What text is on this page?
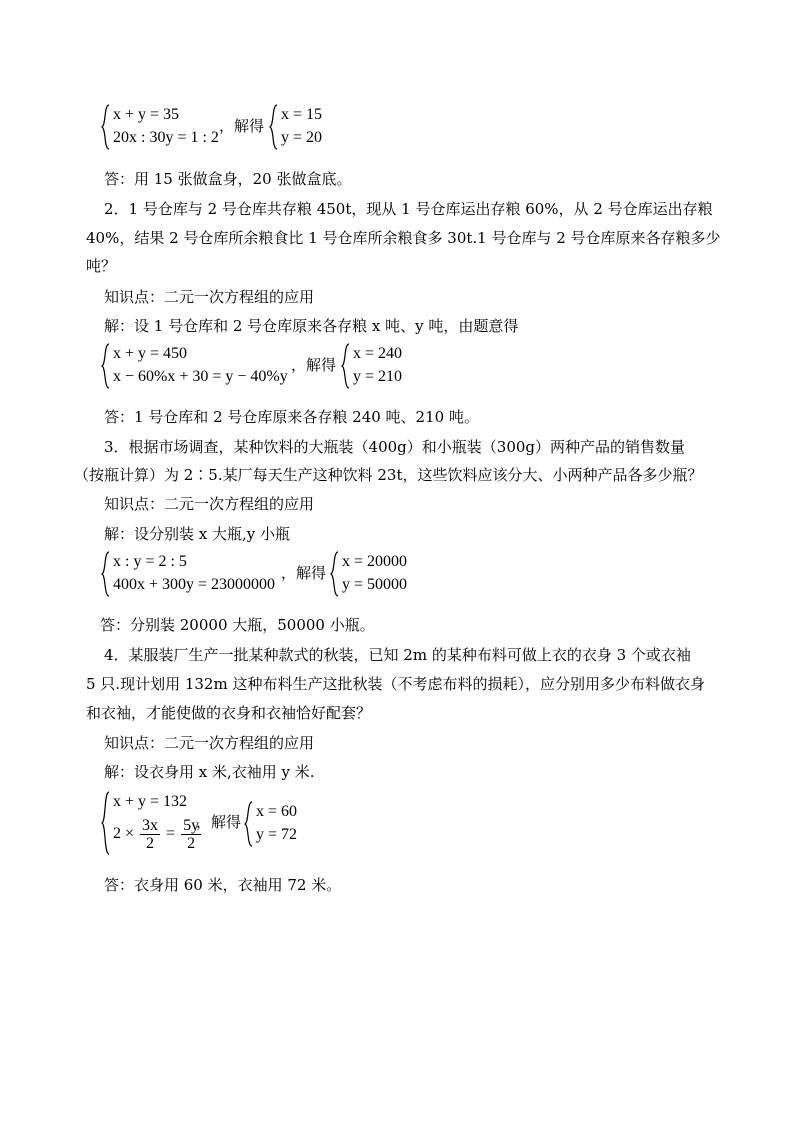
x + y = 35
20x : 30y = 1 : 2
，解得
x = 15
y = 20
答：用 15 张做盒身，20 张做盒底。
2．1 号仓库与 2 号仓库共存粮 450t，现从 1 号仓库运出存粮 60%，从 2 号仓库运出存粮
40%，结果 2 号仓库所余粮食比 1 号仓库所余粮食多 30t.1 号仓库与 2 号仓库原来各存粮多少
吨？
知识点：二元一次方程组的应用
解：设 1 号仓库和 2 号仓库原来各存粮 x 吨、y 吨，由题意得
x + y = 450
x − 60%x + 30 = y − 40%y
，解得
x = 240
y = 210
答：1 号仓库和 2 号仓库原来各存粮 240 吨、210 吨。
3．根据市场调查，某种饮料的大瓶装（400g）和小瓶装（300g）两种产品的销售数量
（按瓶计算）为 2∶5.某厂每天生产这种饮料 23t，这些饮料应该分大、小两种产品各多少瓶？
知识点：二元一次方程组的应用
解：设分别装 x 大瓶,y 小瓶
x : y = 2 : 5
400x + 300y = 23000000
，解得
x = 20000
y = 50000
答：分别装 20000 大瓶，50000 小瓶。
4．某服装厂生产一批某种款式的秋装，已知 2m 的某种布料可做上衣的衣身 3 个或衣袖
5 只.现计划用 132m 这种布料生产这批秋装（不考虑布料的损耗），应分别用多少布料做衣身
和衣袖，才能使做的衣身和衣袖恰好配套？
知识点：二元一次方程组的应用
解：设衣身用 x 米,衣袖用 y 米.
x + y = 132
$2 \times \frac{3x}{2} = \frac{5y}{2}$
，解得
x = 60
y = 72
答：衣身用 60 米，衣袖用 72 米。
